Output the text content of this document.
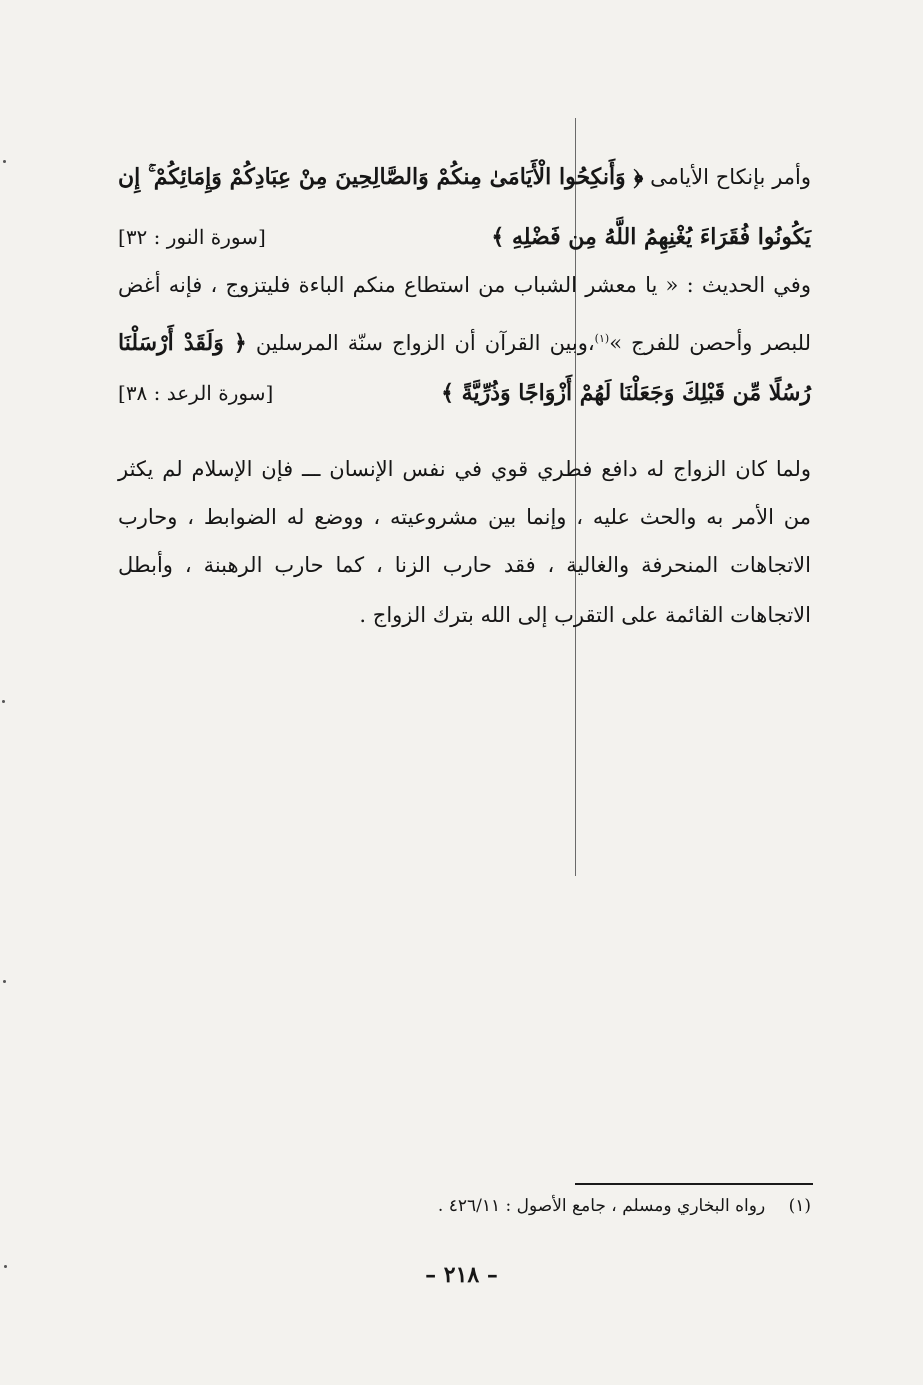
وأمر بإنكاح الأيامى ﴿ وَأَنكِحُوا الْأَيَامَىٰ مِنكُمْ وَالصَّالِحِينَ مِنْ عِبَادِكُمْ وَإِمَائِكُمْ ۚ إِن
يَكُونُوا فُقَرَاءَ يُغْنِهِمُ اللَّهُ مِن فَضْلِهِ ﴾
[سورة النور : ٣٢]
وفي الحديث : « يا معشر الشباب من استطاع منكم الباءة فليتزوج ، فإنه أغض
للبصر وأحصن للفرج »$^{(١)}$،وبين القرآن أن الزواج سنّة المرسلين ﴿ وَلَقَدْ أَرْسَلْنَا
رُسُلًا مِّن قَبْلِكَ وَجَعَلْنَا لَهُمْ أَزْوَاجًا وَذُرِّيَّةً ﴾
[سورة الرعد : ٣٨]
ولما كان الزواج له دافع فطري قوي في نفس الإنسان ـــ فإن الإسلام لم يكثر
من الأمر به والحث عليه ، وإنما بين مشروعيته ، ووضع له الضوابط ، وحارب
الاتجاهات المنحرفة والغالية ، فقد حارب الزنا ، كما حارب الرهبنة ، وأبطل
الاتجاهات القائمة على التقرب إلى الله بترك الزواج .
(١) رواه البخاري ومسلم ، جامع الأصول : ٤٢٦/١١ .
– ٢١٨ –
